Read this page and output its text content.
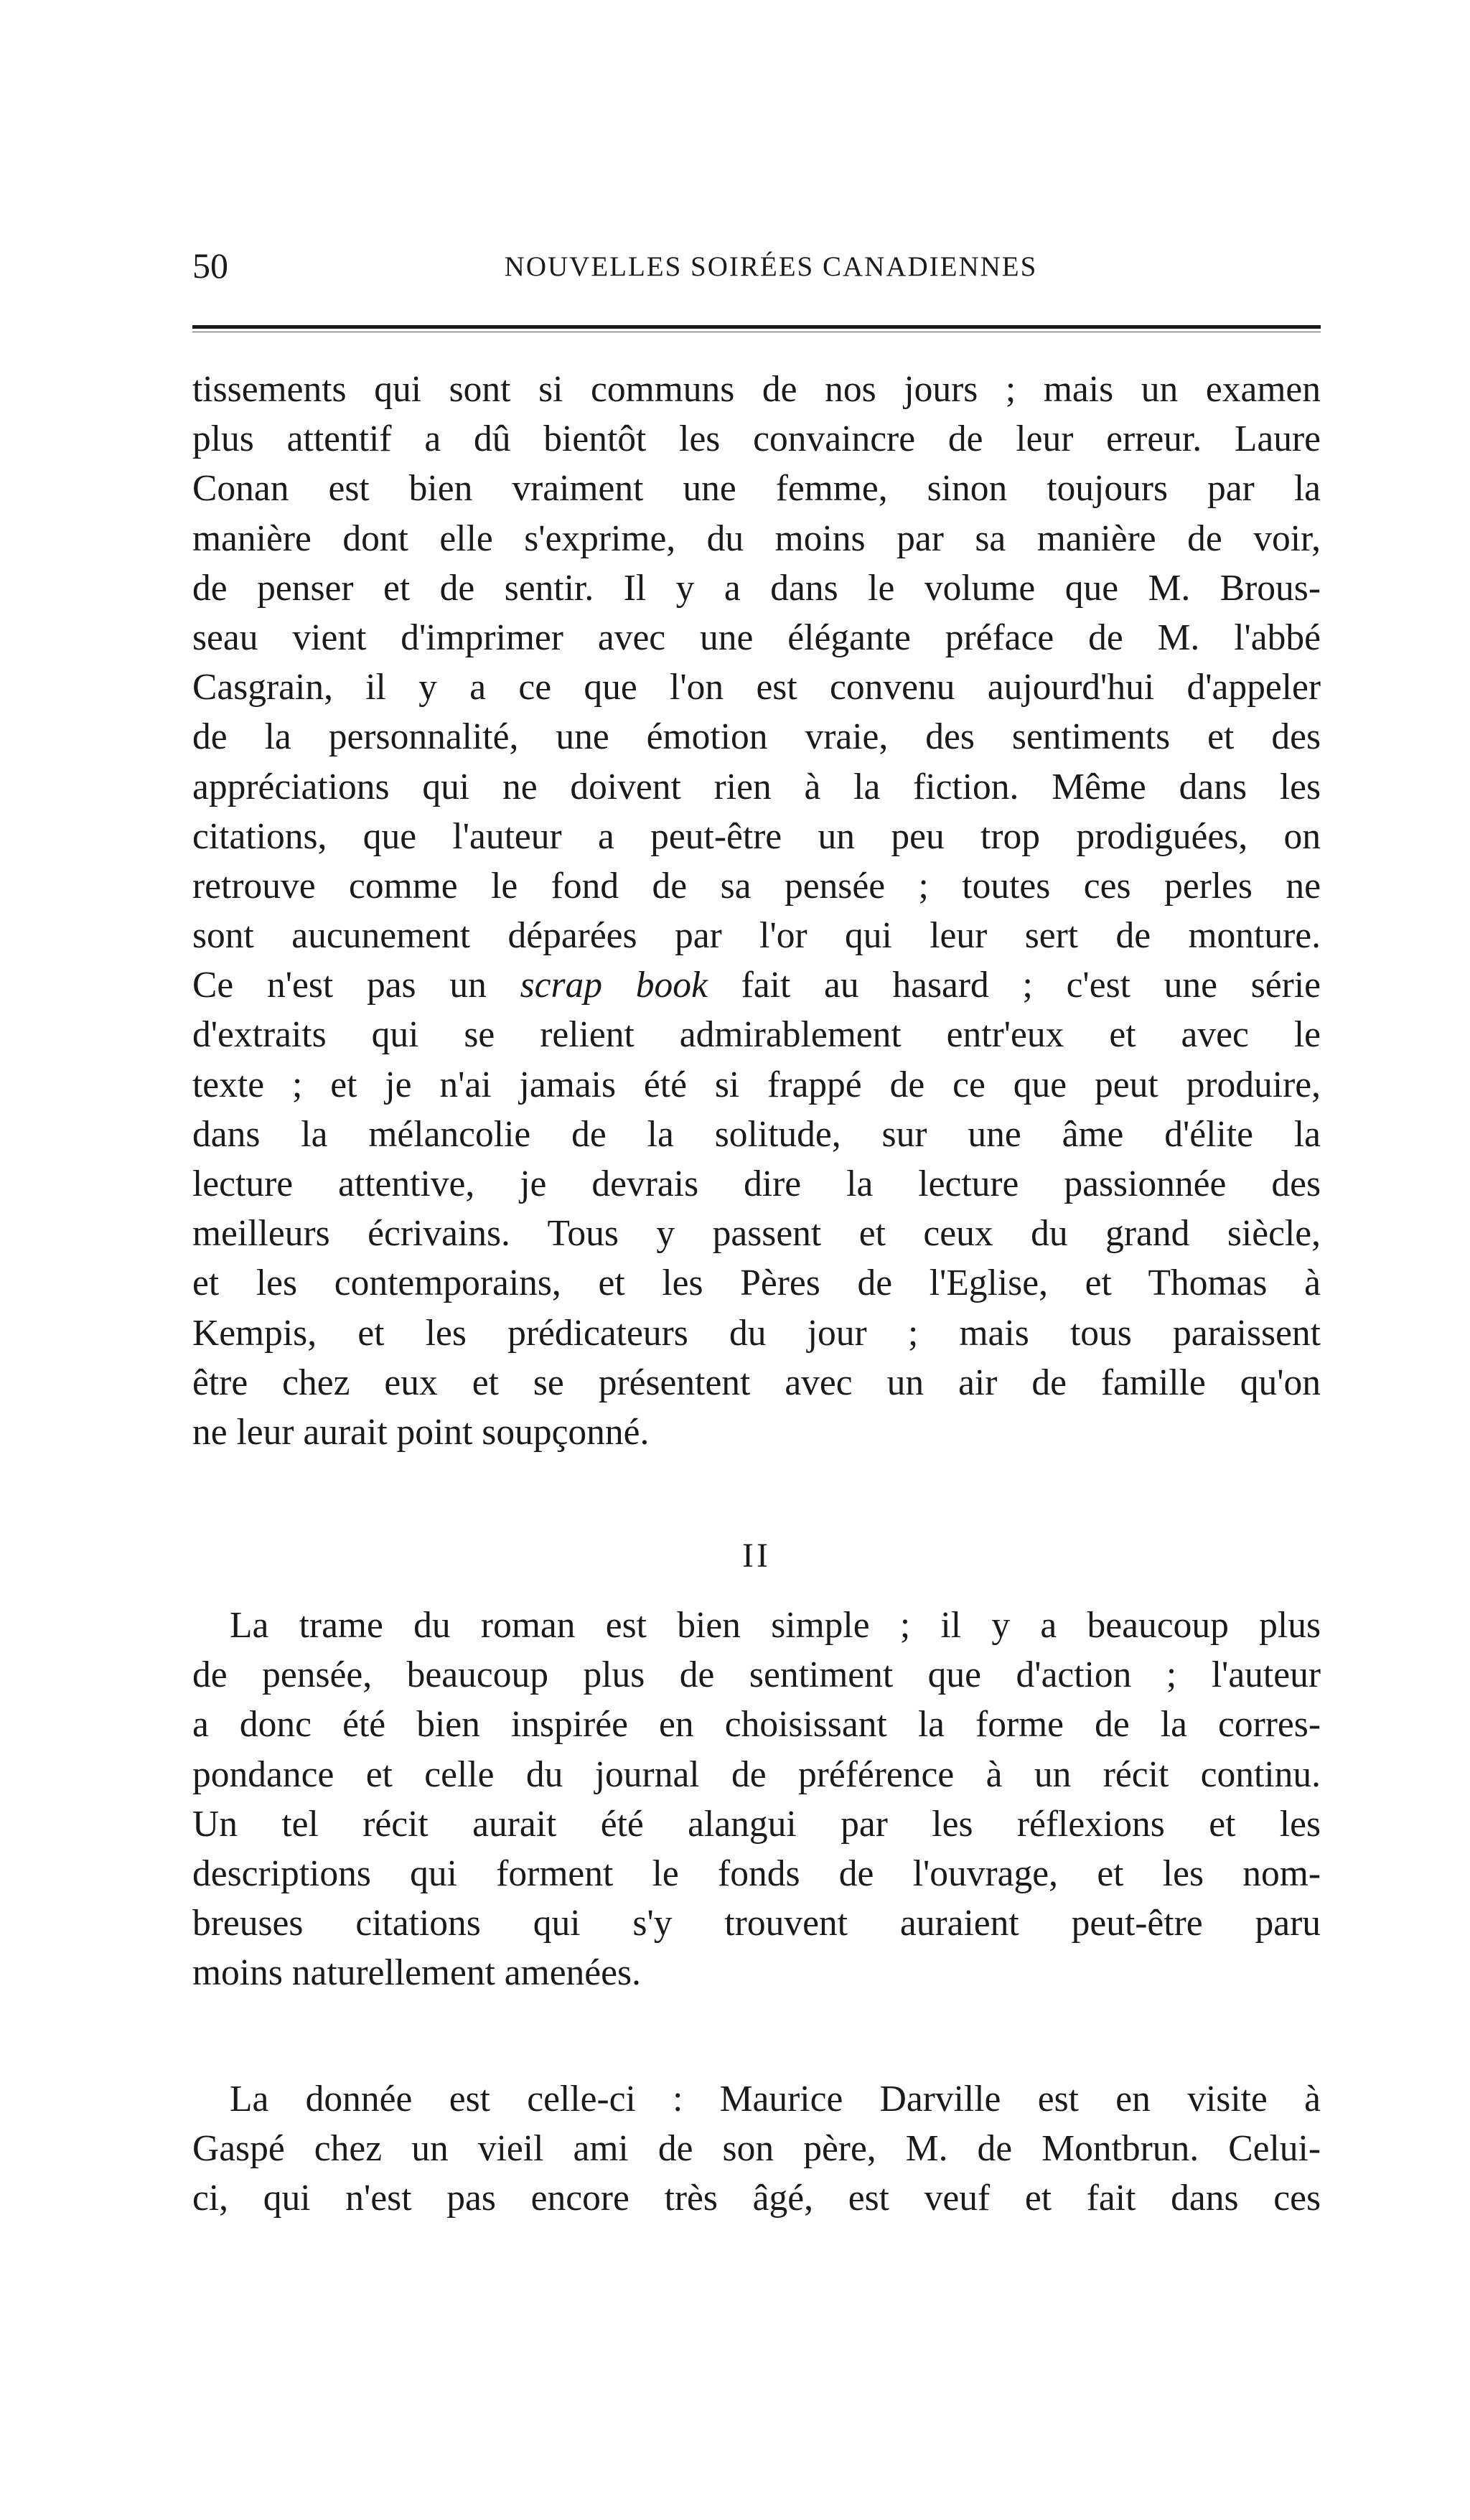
50	NOUVELLES SOIRÉES CANADIENNES
tissements qui sont si communs de nos jours ; mais un examen
plus attentif a dû bientôt les convaincre de leur erreur. Laure
Conan est bien vraiment une femme, sinon toujours par la
manière dont elle s'exprime, du moins par sa manière de voir,
de penser et de sentir. Il y a dans le volume que M. Brous-
seau vient d'imprimer avec une élégante préface de M. l'abbé
Casgrain, il y a ce que l'on est convenu aujourd'hui d'appeler
de la personnalité, une émotion vraie, des sentiments et des
appréciations qui ne doivent rien à la fiction. Même dans les
citations, que l'auteur a peut-être un peu trop prodiguées, on
retrouve comme le fond de sa pensée ; toutes ces perles ne
sont aucunement déparées par l'or qui leur sert de monture.
Ce n'est pas un scrap book fait au hasard ; c'est une série
d'extraits qui se relient admirablement entr'eux et avec le
texte ; et je n'ai jamais été si frappé de ce que peut produire,
dans la mélancolie de la solitude, sur une âme d'élite la
lecture attentive, je devrais dire la lecture passionnée des
meilleurs écrivains. Tous y passent et ceux du grand siècle,
et les contemporains, et les Pères de l'Eglise, et Thomas à
Kempis, et les prédicateurs du jour ; mais tous paraissent
être chez eux et se présentent avec un air de famille qu'on
ne leur aurait point soupçonné.
II
La trame du roman est bien simple ; il y a beaucoup plus
de pensée, beaucoup plus de sentiment que d'action ; l'auteur
a donc été bien inspirée en choisissant la forme de la corres-
pondance et celle du journal de préférence à un récit continu.
Un tel récit aurait été alangui par les réflexions et les
descriptions qui forment le fonds de l'ouvrage, et les nom-
breuses citations qui s'y trouvent auraient peut-être paru
moins naturellement amenées.
La donnée est celle-ci : Maurice Darville est en visite à
Gaspé chez un vieil ami de son père, M. de Montbrun. Celui-
ci, qui n'est pas encore très âgé, est veuf et fait dans ces
